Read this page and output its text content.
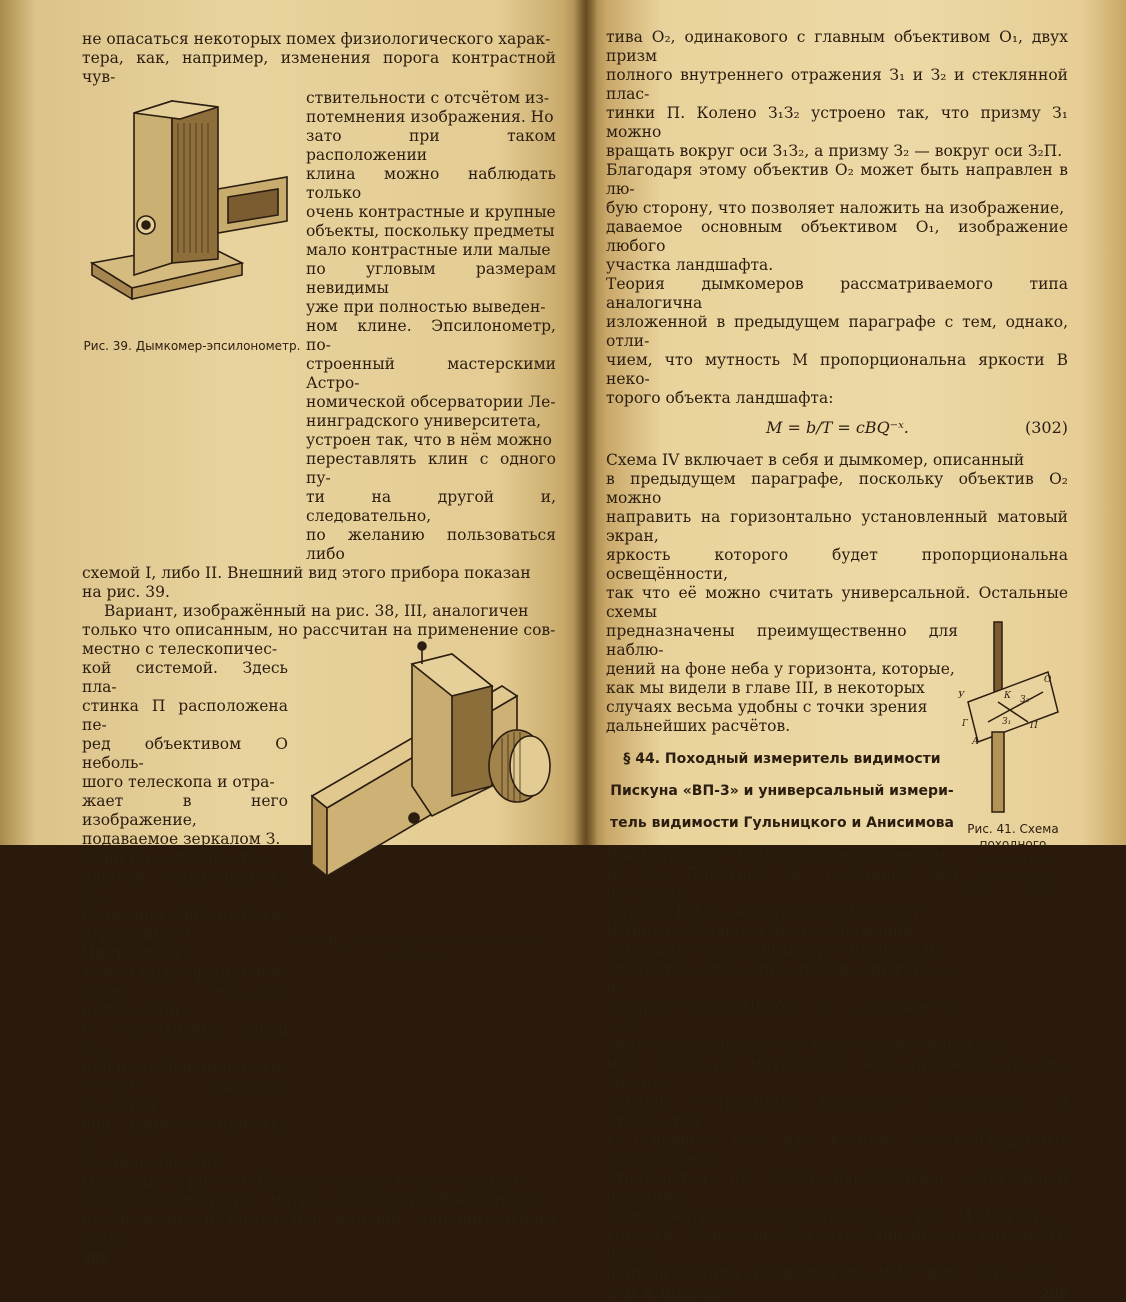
не опасаться некоторых помех физиологического харак-

тера, как, например, изменения порога контрастной чув-

Рис. 39. Дымкомер-эпсилонометр.

ствительности с отсчётом из-

потемнения изображения. Но

зато при таком расположении

клина можно наблюдать только

очень контрастные и крупные

объекты, поскольку предметы

мало контрастные или малые

по угловым размерам невидимы

уже при полностью выведен-

ном клине. Эпсилонометр, по-

строенный мастерскими Астро-

номической обсерватории Ле-

нинградского университета,

устроен так, что в нём можно

переставлять клин с одного пу-

ти на другой и, следовательно,

по желанию пользоваться либо

схемой I, либо II. Внешний вид этого прибора показан

на рис. 39.

Вариант, изображённый на рис. 38, III, аналогичен
только что описанным, но рассчитан на применение сов-

местно с телескопичес-

кой системой. Здесь пла-

стинка П расположена пе-

ред объективом О неболь-

шого телескопа и отра-

жает в него изображение,

подаваемое зеркалом З.

Клин К располагается

либо на пути прямого изо-

бражения, либо на пути

отражённого. Инструмент

может быть оформлен в

виде насадки, надеваемой

на объективный конец од-

ной из трубок призмати-

ческого бинокля; внешний

вид такого устройства по-

казан на рис. 40.

Рис. 40. Дымкомер-насадка к полевому биноклю.

Наконец, на рис. 38, IV представлена более сложная

схема дымкомера рассматриваемого типа. В ней второе

изображение подаётся при помощи дополнительного объек-

208

тива О₂, одинакового с главным объективом О₁, двух призм

полного внутреннего отражения З₁ и З₂ и стеклянной плас-

тинки П. Колено З₁З₂ устроено так, что призму З₁ можно

вращать вокруг оси З₁З₂, а призму З₂ — вокруг оси З₂П.

Благодаря этому объектив О₂ может быть направлен в лю-

бую сторону, что позволяет наложить на изображение,

даваемое основным объективом О₁, изображение любого

участка ландшафта.

Теория дымкомеров рассматриваемого типа аналогична

изложенной в предыдущем параграфе с тем, однако, отли-

чием, что мутность M пропорциональна яркости B неко-

торого объекта ландшафта:

M = b/T = cBQ⁻ˣ.	(302)

Схема IV включает в себя и дымкомер, описанный

в предыдущем параграфе, поскольку объектив О₂ можно

направить на горизонтально установленный матовый экран,

яркость которого будет пропорциональна освещённости,

так что её можно считать универсальной. Остальные схемы

предназначены преимущественно для наблю-

дений на фоне неба у горизонта, которые,

как мы видели в главе III, в некоторых

случаях весьма удобны с точки зрения

дальнейших расчётов.

§ 44. Походный измеритель видимости

Пискуна «ВП-3» и универсальный измери-

тель видимости Гульницкого и Анисимова

В измерителе видимости, предложенном

В. Ф. Пискуном и названном им походным,

а также ВП-3, аналогично дымкомеру

II типа получаются два изображения

панорамы, наложенных друг на друга и

сдвинутых одно относительно другого на не-

который угол. Прибор не заключает в себе

У	К З₂
З₁
Г
А
П
О
Рис. 41. Схема походного измерителя видимости «ВП-3» Пискуна.

анателескопической системы, так что наблюдае-

мый объект рассматривается невооружённым глазом. От ана-

логично устроенных вариантов дымкомера он отличается

в основном тем, что в нём оба наблюдаемых изображения

отражаются от плоско-параллельной стеклянной пластинки.

Схема инструмента представлена на рис. 41. Внутри

коробки А помещается стеклянный отражатель П, накло-

нённый к линии зрения под углом 45° и два зеркала З₁

14 В. В. Шаронов	209
